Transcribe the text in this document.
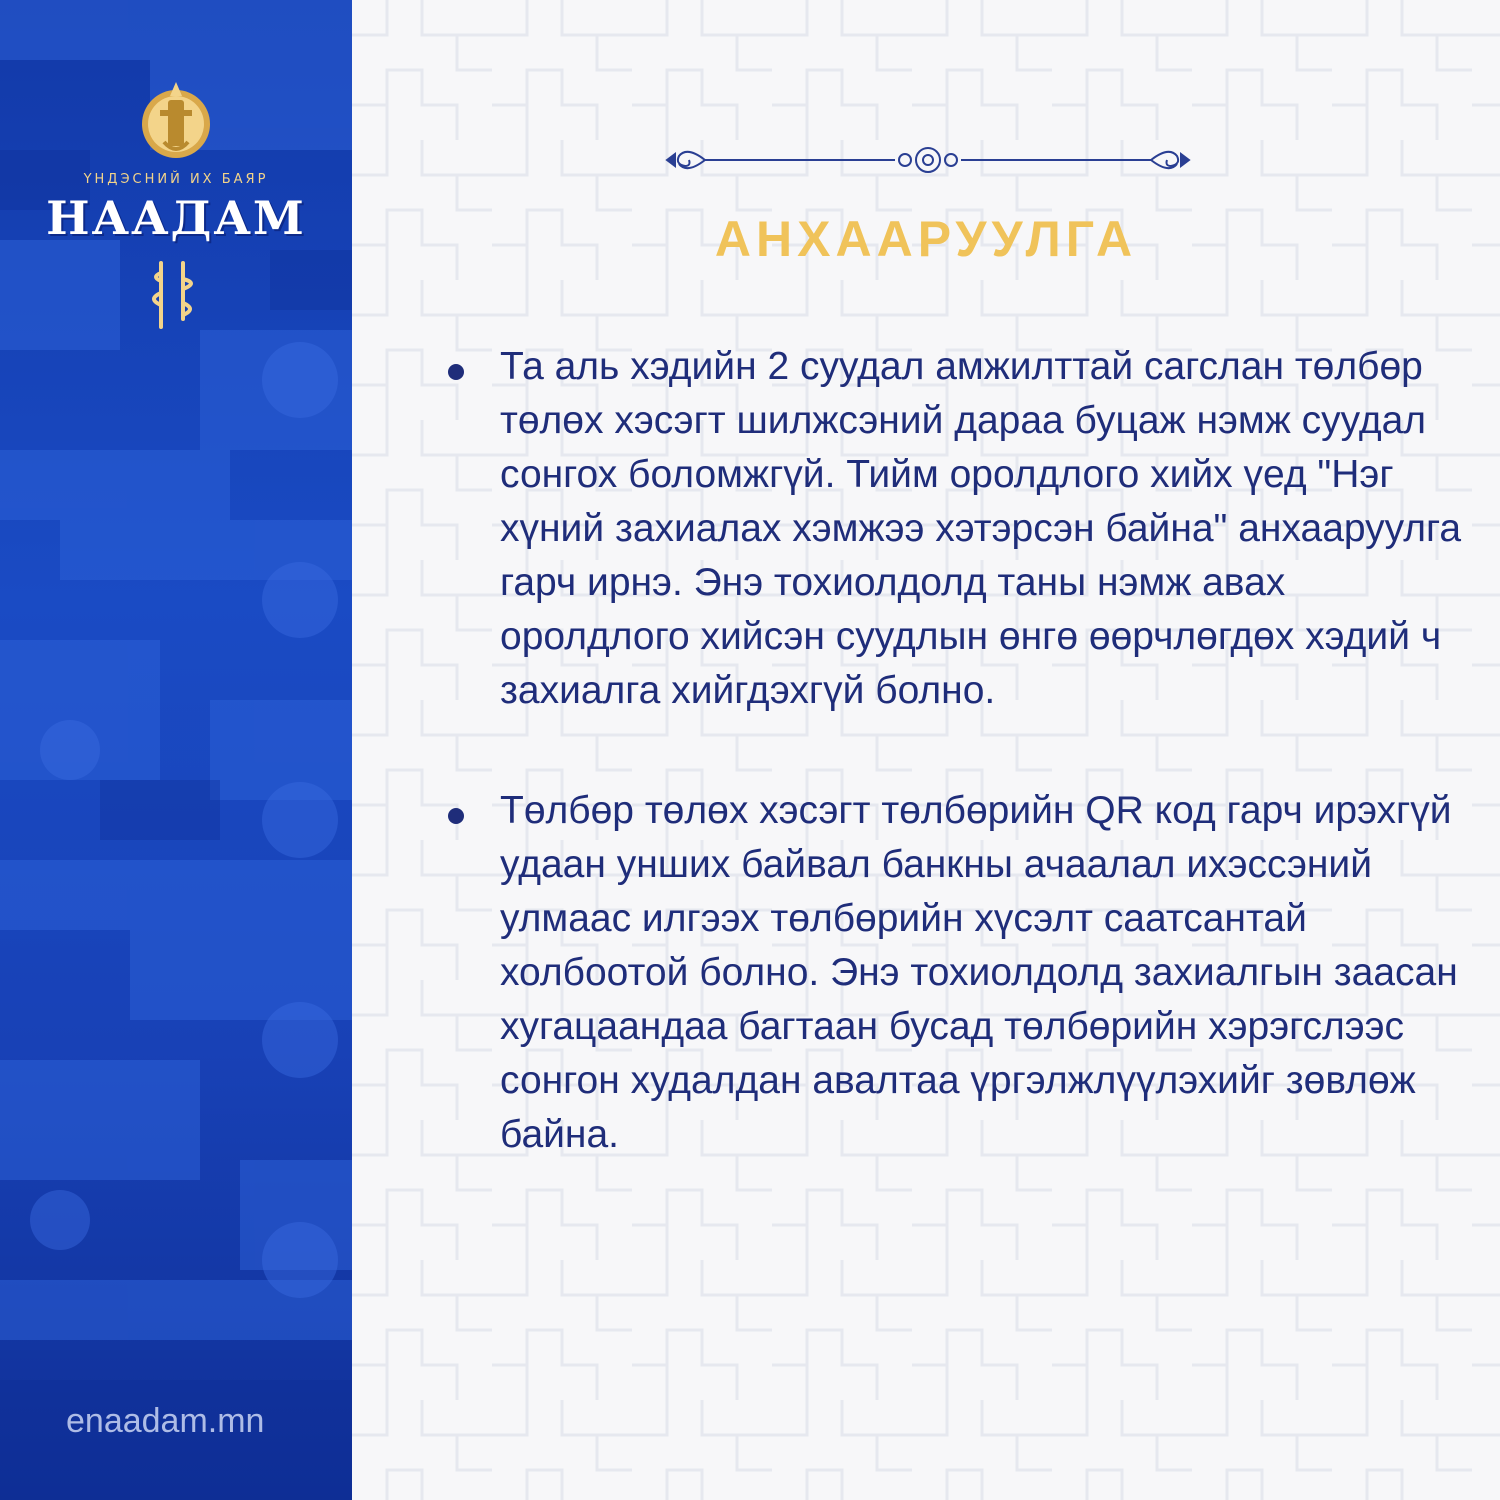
ҮНДЭСНИЙ ИХ БАЯР
НААДАМ
enaadam.mn
АНХААРУУЛГА
Та аль хэдийн 2 суудал амжилттай сагслан төлбөр төлөх хэсэгт шилжсэний дараа буцаж нэмж суудал сонгох боломжгүй. Тийм оролдлого хийх үед "Нэг хүний захиалах хэмжээ хэтэрсэн байна" анхааруулга гарч ирнэ. Энэ тохиолдолд таны нэмж авах оролдлого хийсэн суудлын өнгө өөрчлөгдөх хэдий ч захиалга хийгдэхгүй болно.
Төлбөр төлөх хэсэгт төлбөрийн QR код гарч ирэхгүй удаан унших байвал банкны ачаалал ихэссэний улмаас илгээх төлбөрийн хүсэлт саатсантай холбоотой болно. Энэ тохиолдолд захиалгын заасан хугацаандаа багтаан бусад төлбөрийн хэрэгслээс сонгон худалдан авалтаа үргэлжлүүлэхийг зөвлөж байна.
